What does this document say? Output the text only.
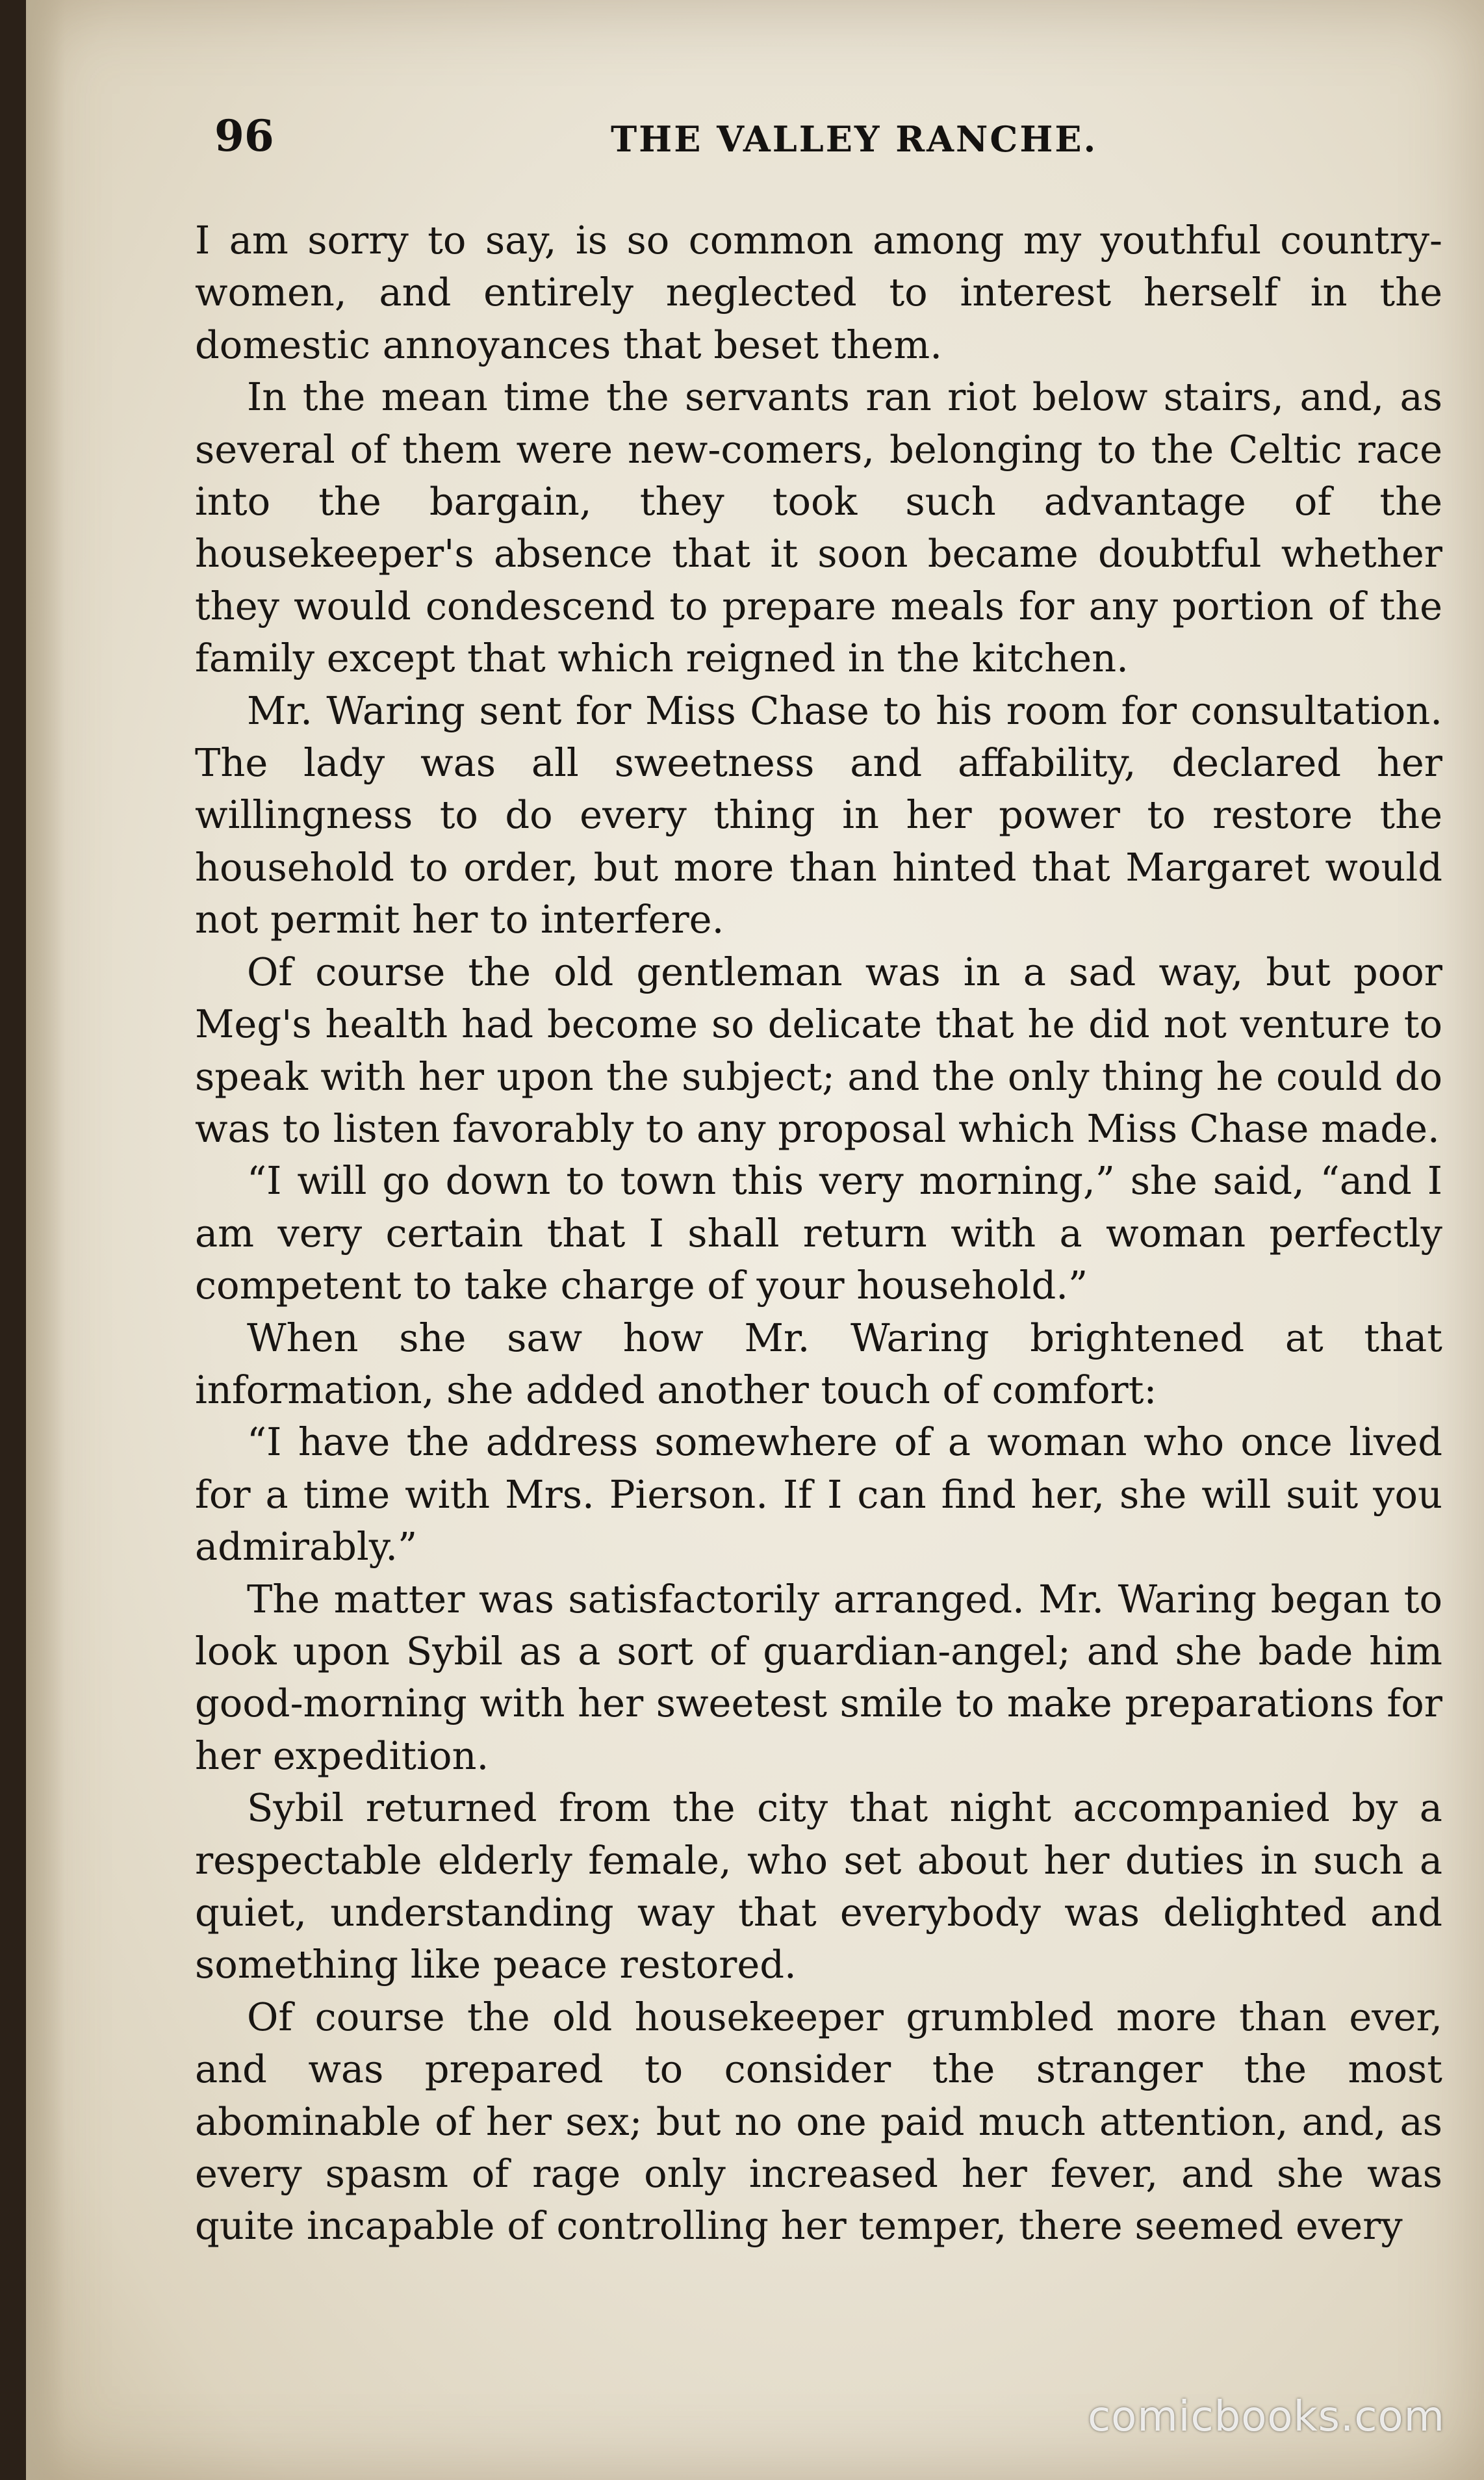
96	THE VALLEY RANCHE.

I am sorry to say, is so common among my youthful country-women, and entirely neglected to interest herself in the domestic annoyances that beset them.

In the mean time the servants ran riot below stairs, and, as several of them were new-comers, belonging to the Celtic race into the bargain, they took such advantage of the housekeeper's absence that it soon became doubtful whether they would condescend to prepare meals for any portion of the family except that which reigned in the kitchen.

Mr. Waring sent for Miss Chase to his room for consultation. The lady was all sweetness and affability, declared her willingness to do every thing in her power to restore the household to order, but more than hinted that Margaret would not permit her to interfere.

Of course the old gentleman was in a sad way, but poor Meg's health had become so delicate that he did not venture to speak with her upon the subject; and the only thing he could do was to listen favorably to any proposal which Miss Chase made.

“I will go down to town this very morning,” she said, “and I am very certain that I shall return with a woman perfectly competent to take charge of your household.”

When she saw how Mr. Waring brightened at that information, she added another touch of comfort:

“I have the address somewhere of a woman who once lived for a time with Mrs. Pierson. If I can find her, she will suit you admirably.”

The matter was satisfactorily arranged. Mr. Waring began to look upon Sybil as a sort of guardian-angel; and she bade him good-morning with her sweetest smile to make preparations for her expedition.

Sybil returned from the city that night accompanied by a respectable elderly female, who set about her duties in such a quiet, understanding way that everybody was delighted and something like peace restored.

Of course the old housekeeper grumbled more than ever, and was prepared to consider the stranger the most abominable of her sex; but no one paid much attention, and, as every spasm of rage only increased her fever, and she was quite incapable of controlling her temper, there seemed every

comicbooks.com
